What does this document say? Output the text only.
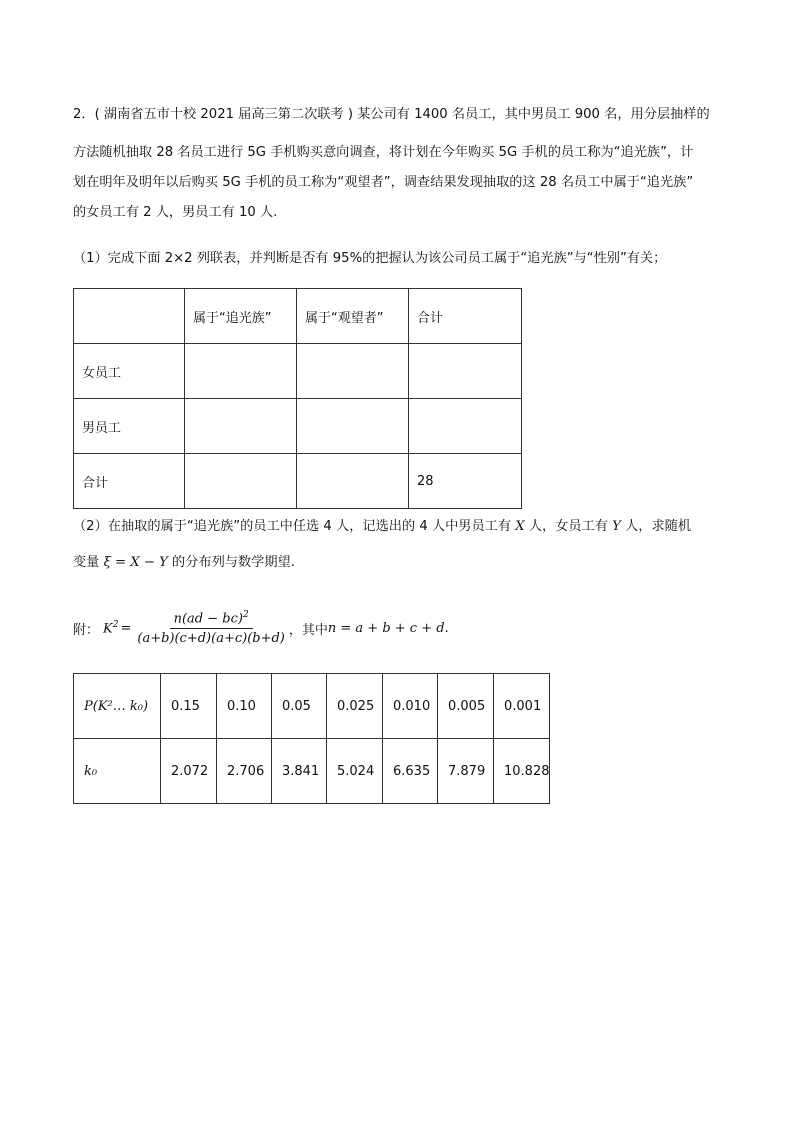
2．( 湖南省五市十校 2021 届高三第二次联考 ) 某公司有 1400 名员工，其中男员工 900 名，用分层抽样的
方法随机抽取 28 名员工进行 5G 手机购买意向调查，将计划在今年购买 5G 手机的员工称为“追光族”，计
划在明年及明年以后购买 5G 手机的员工称为“观望者”，调查结果发现抽取的这 28 名员工中属于“追光族”
的女员工有 2 人，男员工有 10 人.
（1）完成下面 2×2 列联表，并判断是否有 95%的把握认为该公司员工属于“追光族”与“性别”有关；
	属于“追光族”	属于“观望者”	合计
女员工			
男员工			
合计			28
（2）在抽取的属于“追光族”的员工中任选 4 人，记选出的 4 人中男员工有 X 人，女员工有 Y 人，求随机
变量 ξ = X − Y 的分布列与数学期望.
附： $K^2 = \frac{n(ad - bc)^2}{(a+b)(c+d)(a+c)(b+d)}$ ，其中 n = a + b + c + d .
P(K²… k₀)	0.15	0.10	0.05	0.025	0.010	0.005	0.001
k₀	2.072	2.706	3.841	5.024	6.635	7.879	10.828
